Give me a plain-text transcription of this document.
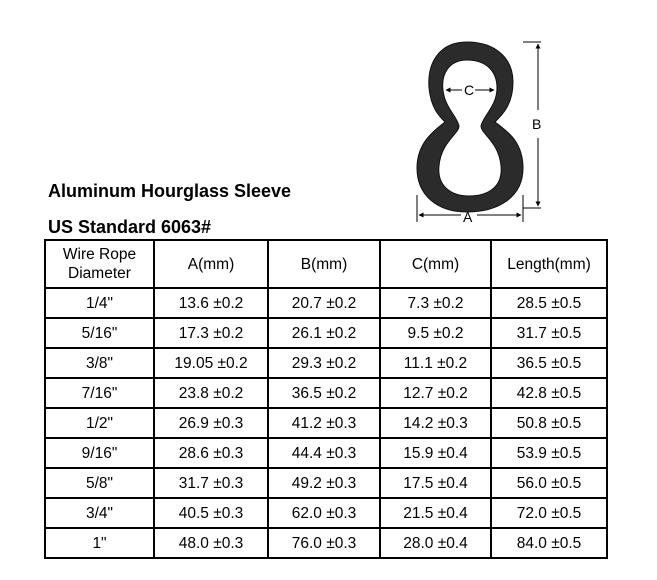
Aluminum Hourglass Sleeve
US Standard 6063#
C
B
A
Wire Rope Diameter	A(mm)	B(mm)	C(mm)	Length(mm)
1/4"	13.6 ±0.2	20.7 ±0.2	7.3 ±0.2	28.5 ±0.5
5/16"	17.3 ±0.2	26.1 ±0.2	9.5 ±0.2	31.7 ±0.5
3/8"	19.05 ±0.2	29.3 ±0.2	11.1 ±0.2	36.5 ±0.5
7/16"	23.8 ±0.2	36.5 ±0.2	12.7 ±0.2	42.8 ±0.5
1/2"	26.9 ±0.3	41.2 ±0.3	14.2 ±0.3	50.8 ±0.5
9/16"	28.6 ±0.3	44.4 ±0.3	15.9 ±0.4	53.9 ±0.5
5/8"	31.7 ±0.3	49.2 ±0.3	17.5 ±0.4	56.0 ±0.5
3/4"	40.5 ±0.3	62.0 ±0.3	21.5 ±0.4	72.0 ±0.5
1"	48.0 ±0.3	76.0 ±0.3	28.0 ±0.4	84.0 ±0.5
